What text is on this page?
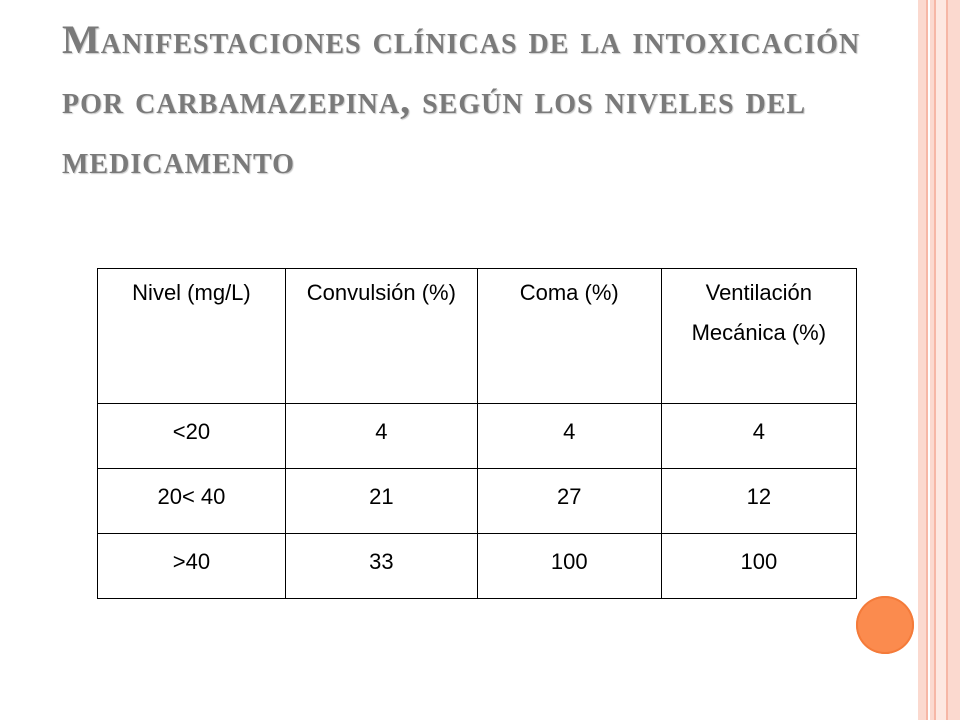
Manifestaciones clínicas de la intoxicación por carbamazepina, según los niveles del medicamento
Nivel (mg/L)	Convulsión (%)	Coma (%)	Ventilación Mecánica (%)
<20	4	4	4
20< 40	21	27	12
>40	33	100	100
